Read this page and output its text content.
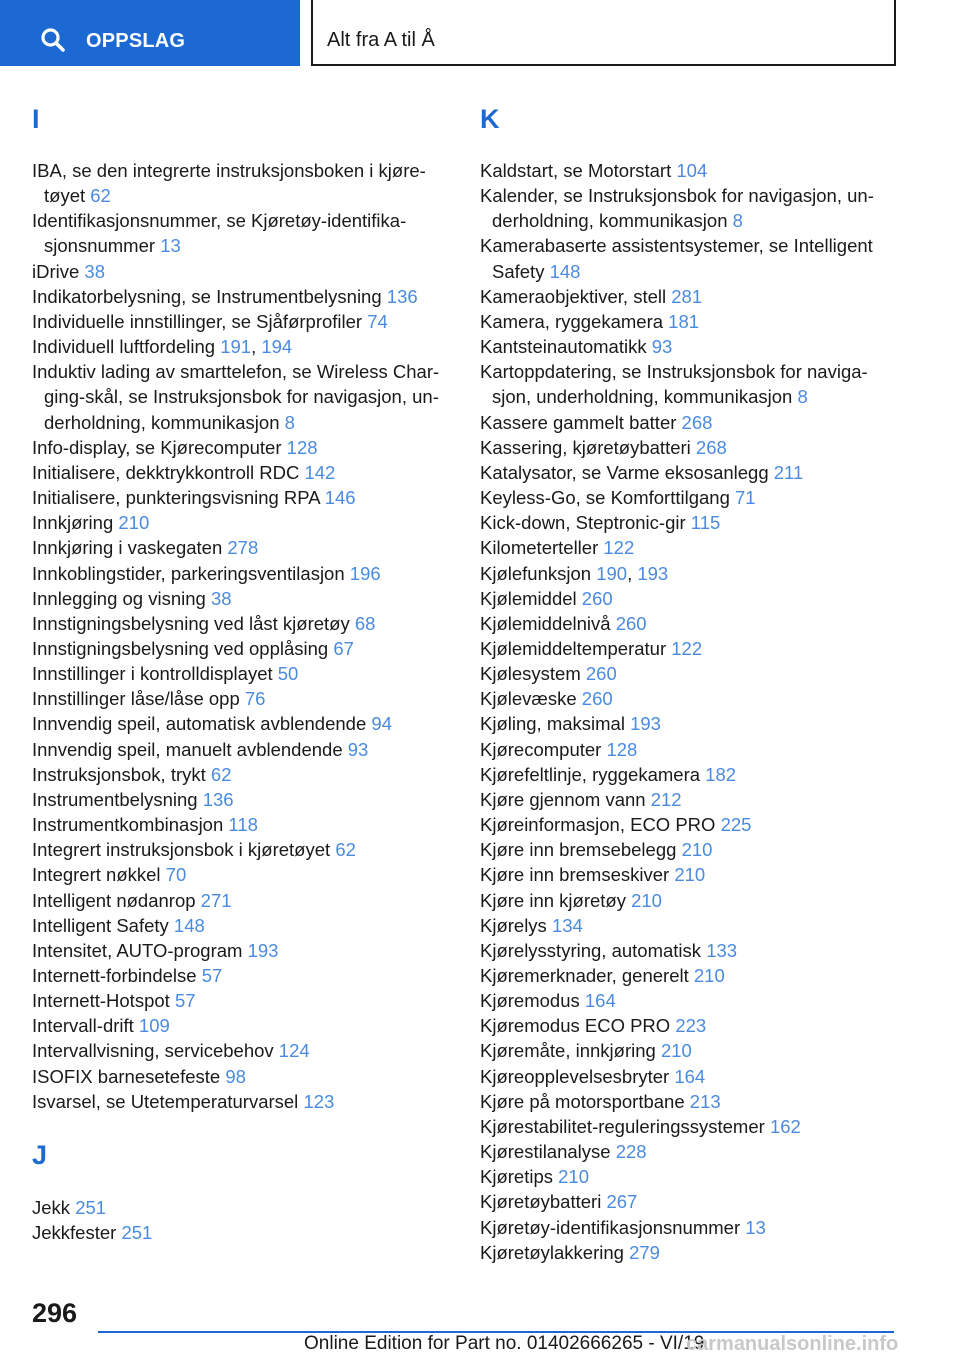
OPPSLAG	Alt fra A til Å
I
IBA, se den integrerte instruksjonsboken i kjøre-tøyet 62
Identifikasjonsnummer, se Kjøretøy-identifika-sjonsnummer 13
iDrive 38
Indikatorbelysning, se Instrumentbelysning 136
Individuelle innstillinger, se Sjåførprofiler 74
Individuell luftfordeling 191, 194
Induktiv lading av smarttelefon, se Wireless Char-ging-skål, se Instruksjonsbok for navigasjon, un-derholdning, kommunikasjon 8
Info-display, se Kjørecomputer 128
Initialisere, dekktrykkontroll RDC 142
Initialisere, punkteringsvisning RPA 146
Innkjøring 210
Innkjøring i vaskegaten 278
Innkoblingstider, parkeringsventilasjon 196
Innlegging og visning 38
Innstigningsbelysning ved låst kjøretøy 68
Innstigningsbelysning ved opplåsing 67
Innstillinger i kontrolldisplayet 50
Innstillinger låse/låse opp 76
Innvendig speil, automatisk avblendende 94
Innvendig speil, manuelt avblendende 93
Instruksjonsbok, trykt 62
Instrumentbelysning 136
Instrumentkombinasjon 118
Integrert instruksjonsbok i kjøretøyet 62
Integrert nøkkel 70
Intelligent nødanrop 271
Intelligent Safety 148
Intensitet, AUTO-program 193
Internett-forbindelse 57
Internett-Hotspot 57
Intervall-drift 109
Intervallvisning, servicebehov 124
ISOFIX barnesetefeste 98
Isvarsel, se Utetemperaturvarsel 123
J
Jekk 251
Jekkfester 251
K
Kaldstart, se Motorstart 104
Kalender, se Instruksjonsbok for navigasjon, un-derholdning, kommunikasjon 8
Kamerabaserte assistentsystemer, se Intelligent Safety 148
Kameraobjektiver, stell 281
Kamera, ryggekamera 181
Kantsteinautomatikk 93
Kartoppdatering, se Instruksjonsbok for naviga-sjon, underholdning, kommunikasjon 8
Kassere gammelt batter 268
Kassering, kjøretøybatteri 268
Katalysator, se Varme eksosanlegg 211
Keyless-Go, se Komforttilgang 71
Kick-down, Steptronic-gir 115
Kilometerteller 122
Kjølefunksjon 190, 193
Kjølemiddel 260
Kjølemiddelnivå 260
Kjølemiddeltemperatur 122
Kjølesystem 260
Kjølevæske 260
Kjøling, maksimal 193
Kjørecomputer 128
Kjørefeltlinje, ryggekamera 182
Kjøre gjennom vann 212
Kjøreinformasjon, ECO PRO 225
Kjøre inn bremsebelegg 210
Kjøre inn bremseskiver 210
Kjøre inn kjøretøy 210
Kjørelys 134
Kjørelysstyring, automatisk 133
Kjøremerknader, generelt 210
Kjøremodus 164
Kjøremodus ECO PRO 223
Kjøremåte, innkjøring 210
Kjøreopplevelsesbryter 164
Kjøre på motorsportbane 213
Kjørestabilitet-reguleringssystemer 162
Kjørestilanalyse 228
Kjøretips 210
Kjøretøybatteri 267
Kjøretøy-identifikasjonsnummer 13
Kjøretøylakkering 279
296
Online Edition for Part no. 01402666265 - VI/19
carmanualsonline.info
